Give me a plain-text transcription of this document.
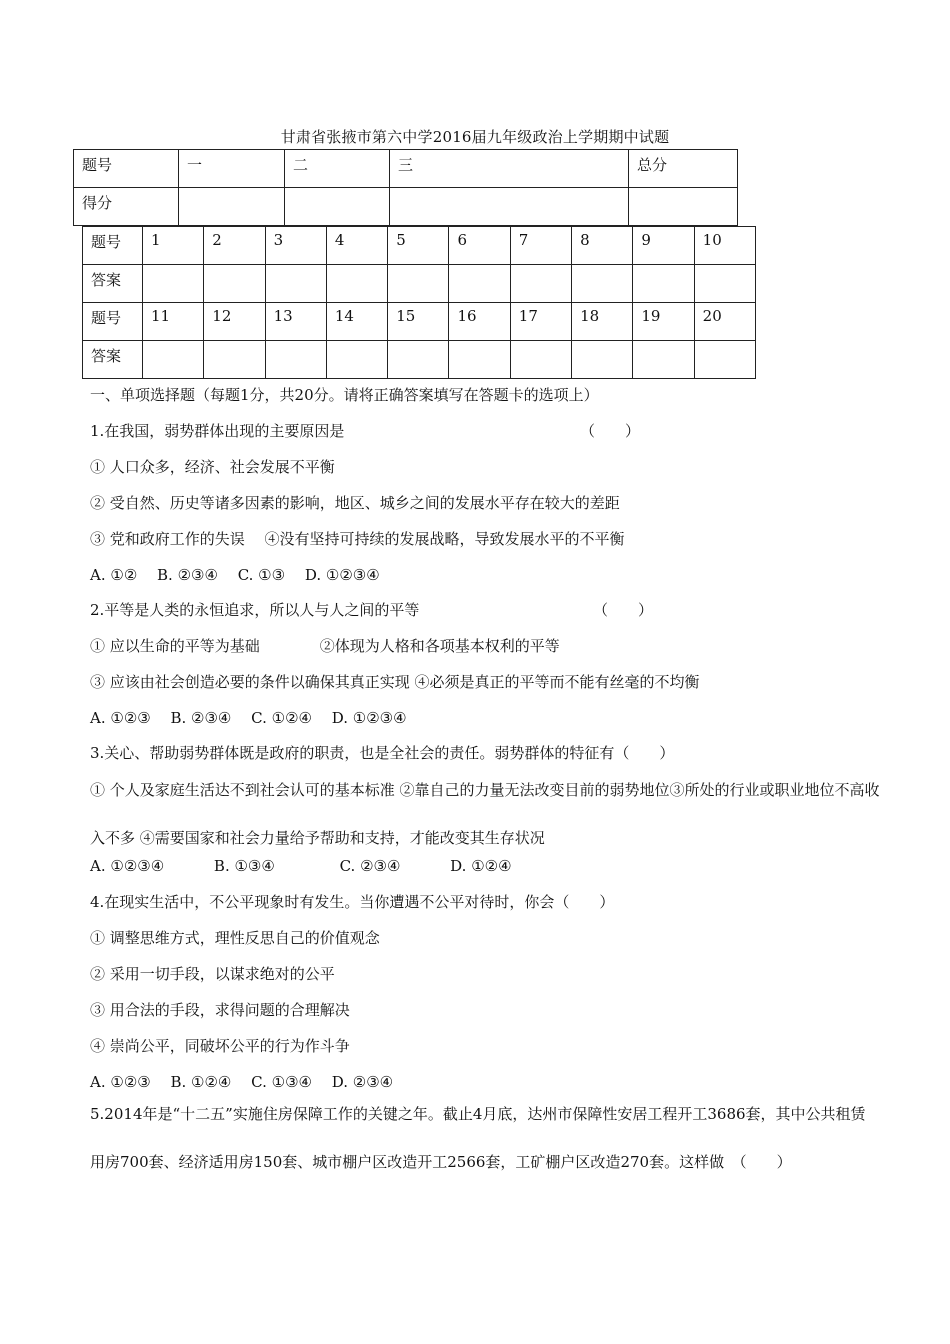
甘肃省张掖市第六中学2016届九年级政治上学期期中试题
题号	一	二	三	总分
得分				
题号	1	2	3	4	5	6	7	8	9	10
答案										
题号	11	12	13	14	15	16	17	18	19	20
答案										
一、单项选择题（每题1分，共20分。请将正确答案填写在答题卡的选项上）
1.在我国，弱势群体出现的主要原因是	（　　）
① 人口众多，经济、社会发展不平衡
② 受自然、历史等诸多因素的影响，地区、城乡之间的发展水平存在较大的差距
③ 党和政府工作的失误　 ④没有坚持可持续的发展战略，导致发展水平的不平衡
A. ①②　 B. ②③④　 C. ①③　 D. ①②③④
2.平等是人类的永恒追求，所以人与人之间的平等	（　　）
① 应以生命的平等为基础　　　　②体现为人格和各项基本权利的平等
③ 应该由社会创造必要的条件以确保其真正实现 ④必须是真正的平等而不能有丝毫的不均衡
A. ①②③　 B. ②③④　 C. ①②④　 D. ①②③④
3.关心、帮助弱势群体既是政府的职责，也是全社会的责任。弱势群体的特征有（　　）
① 个人及家庭生活达不到社会认可的基本标准 ②靠自己的力量无法改变目前的弱势地位③所处的行业或职业地位不高收入不多 ④需要国家和社会力量给予帮助和支持，才能改变其生存状况
A. ①②③④　　　 B. ①③④　　　　 C. ②③④　　　 D. ①②④
4.在现实生活中，不公平现象时有发生。当你遭遇不公平对待时，你会（　　）
① 调整思维方式，理性反思自己的价值观念
② 采用一切手段，以谋求绝对的公平
③ 用合法的手段，求得问题的合理解决
④ 崇尚公平，同破坏公平的行为作斗争
A. ①②③　 B. ①②④　 C. ①③④　 D. ②③④
5.2014年是“十二五”实施住房保障工作的关键之年。截止4月底，达州市保障性安居工程开工3686套，其中公共租赁用房700套、经济适用房150套、城市棚户区改造开工2566套，工矿棚户区改造270套。这样做　（　　）
